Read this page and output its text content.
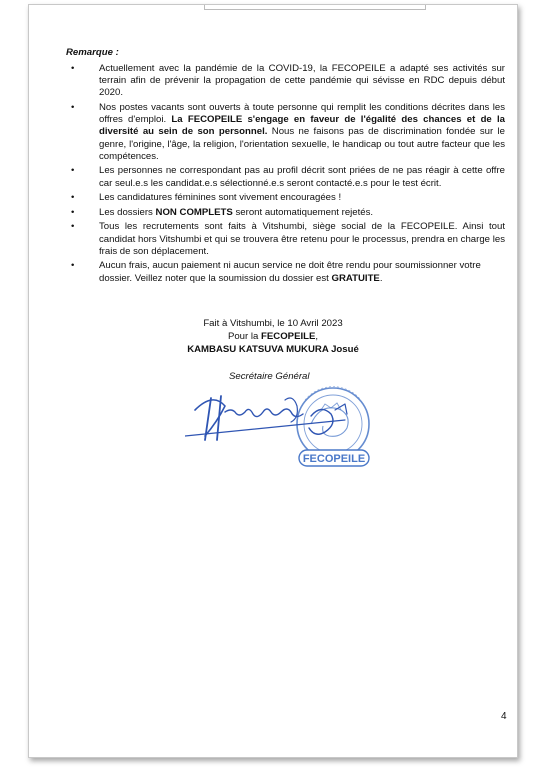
Remarque :
•	Actuellement avec la pandémie de la COVID-19, la FECOPEILE a adapté ses activités sur terrain afin de prévenir la propagation de cette pandémie qui sévisse en RDC depuis début 2020.
•	Nos postes vacants sont ouverts à toute personne qui remplit les conditions décrites dans les offres d'emploi. La FECOPEILE s'engage en faveur de l'égalité des chances et de la diversité au sein de son personnel. Nous ne faisons pas de discrimination fondée sur le genre, l'origine, l'âge, la religion, l'orientation sexuelle, le handicap ou tout autre facteur que les compétences.
•	Les personnes ne correspondant pas au profil décrit sont priées de ne pas réagir à cette offre car seul.e.s les candidat.e.s sélectionné.e.s seront contacté.e.s pour le test écrit.
•	Les candidatures féminines sont vivement encouragées !
•	Les dossiers NON COMPLETS seront automatiquement rejetés.
•	Tous les recrutements sont faits à Vitshumbi, siège social de la FECOPEILE. Ainsi tout candidat hors Vitshumbi et qui se trouvera être retenu pour le processus, prendra en charge les frais de son déplacement.
•	Aucun frais, aucun paiement ni aucun service ne doit être rendu pour soumissionner votre dossier. Veillez noter que la soumission du dossier est GRATUITE.
Fait à Vitshumbi, le 10 Avril 2023
Pour la FECOPEILE,
KAMBASU KATSUVA MUKURA Josué
Secrétaire Général
FECOPEILE
4
